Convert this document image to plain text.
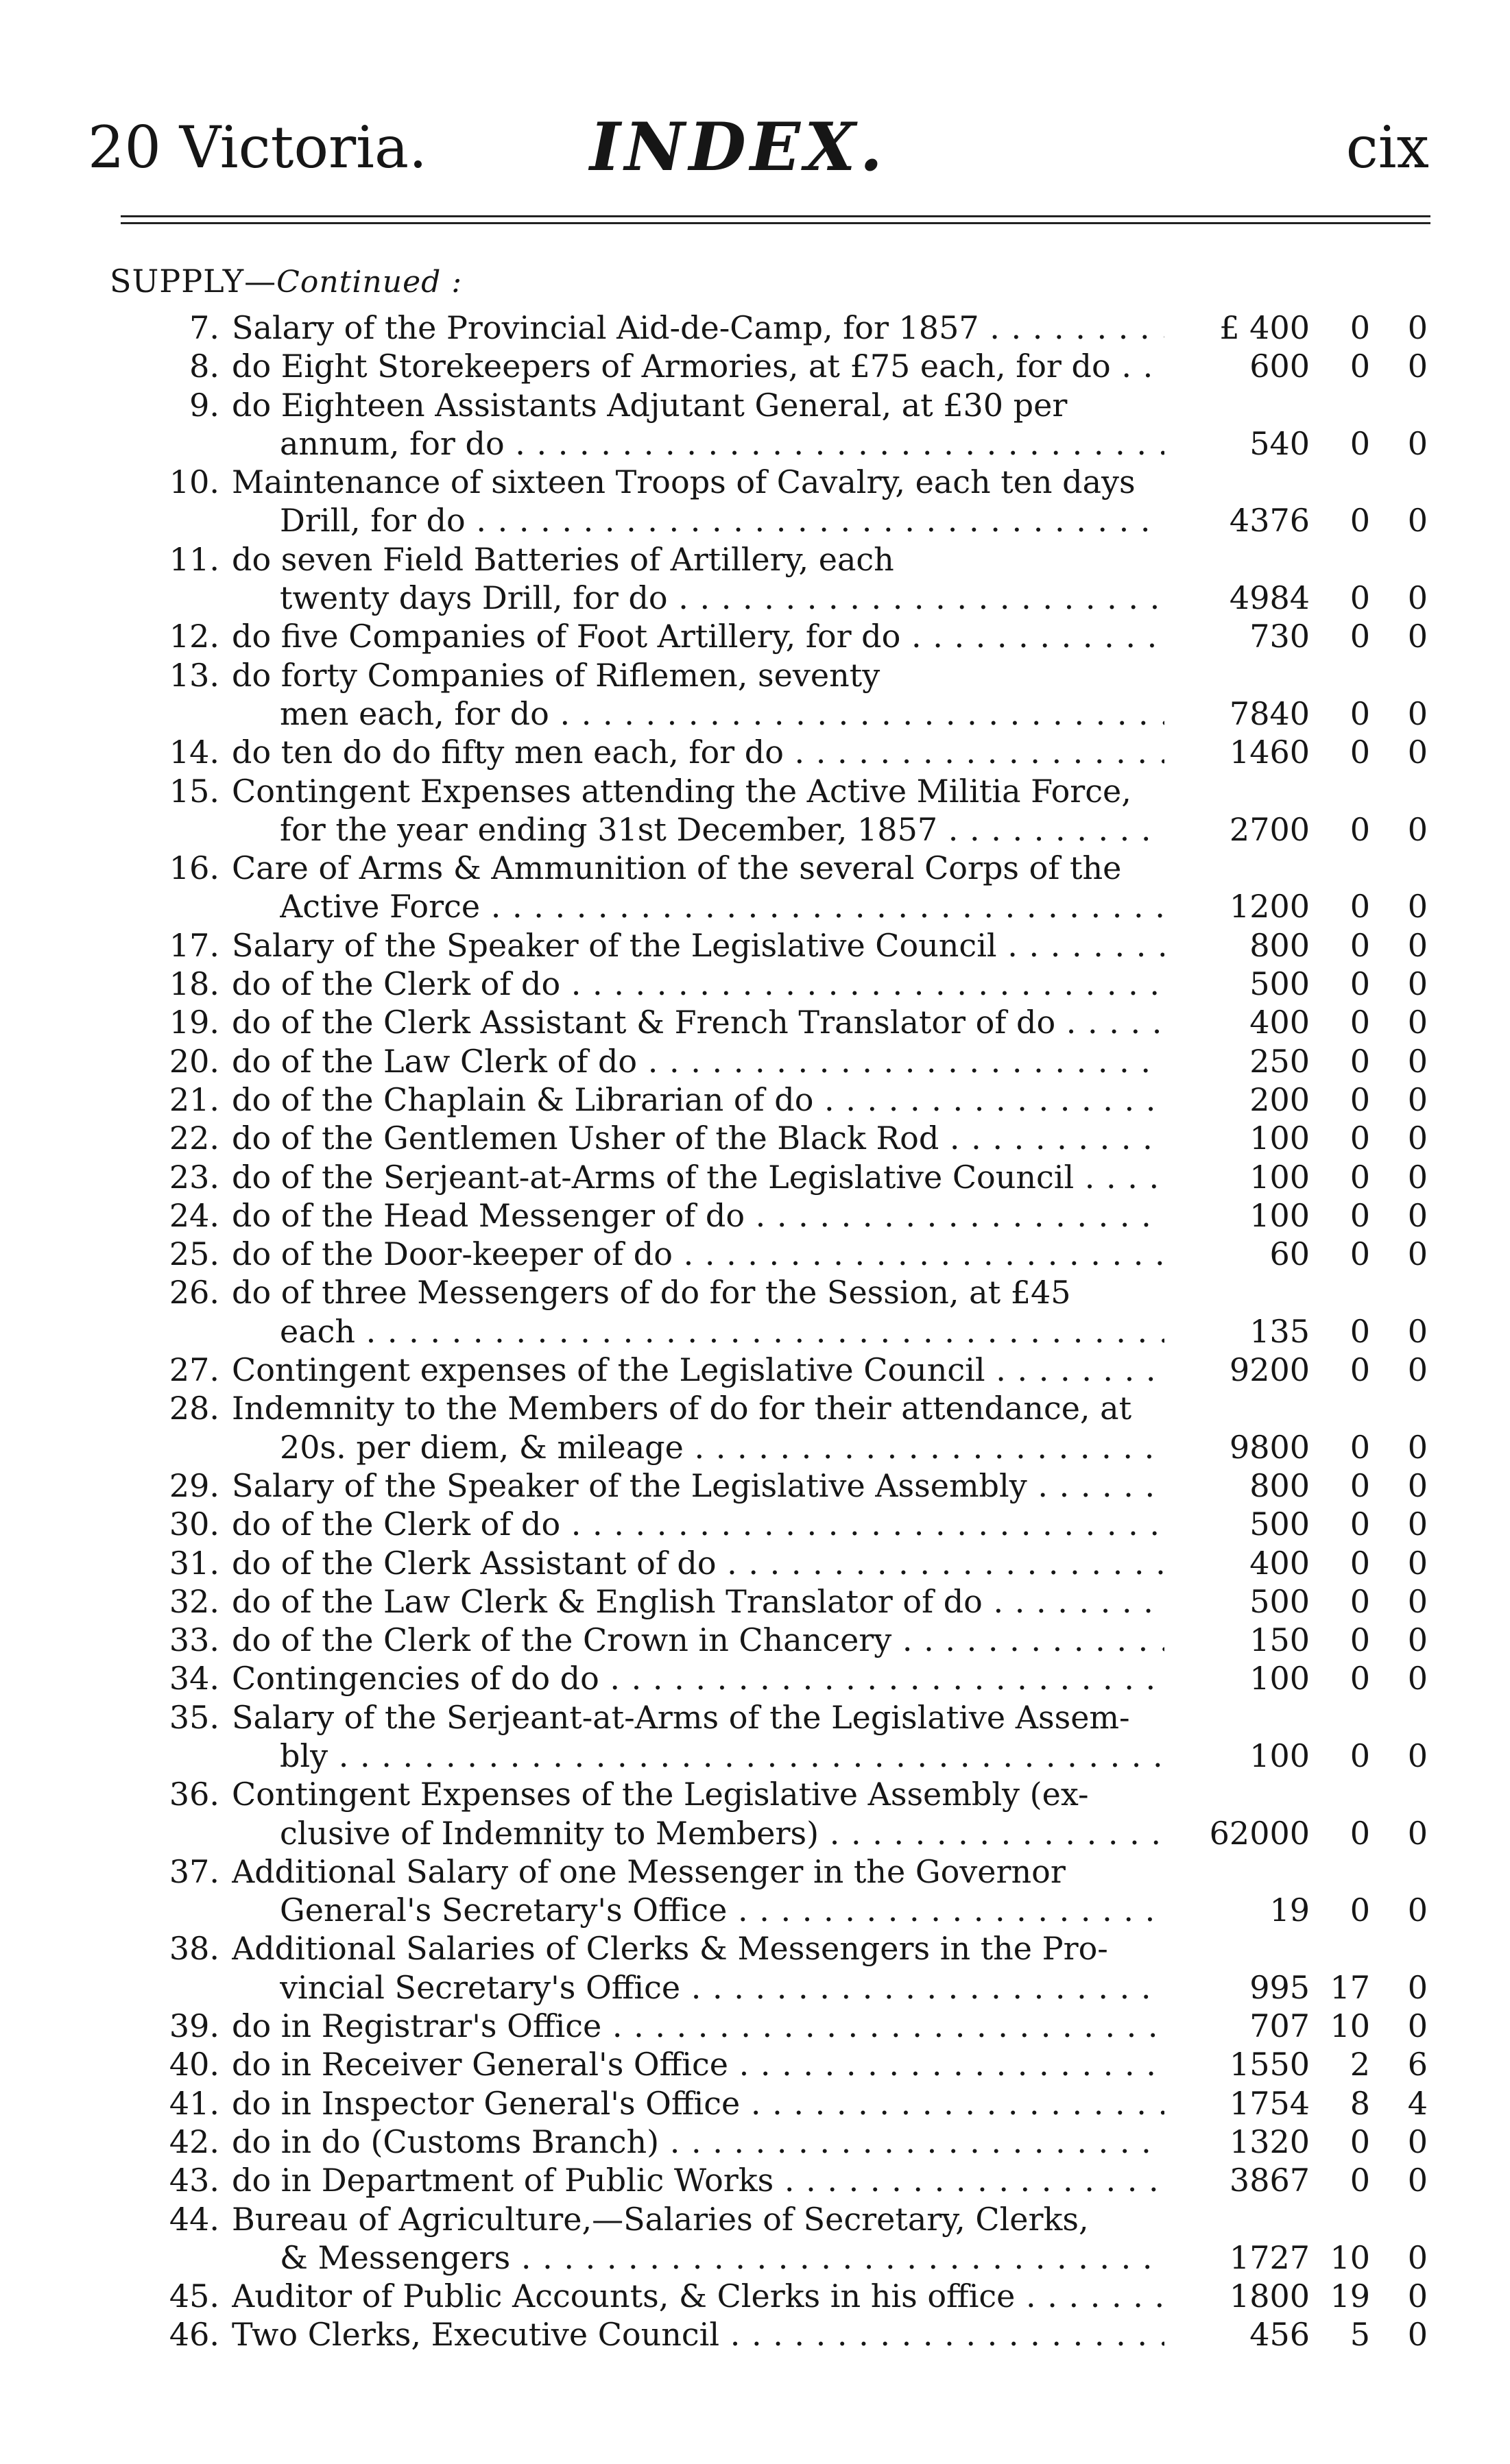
20 Victoria. INDEX.	cix
SUPPLY—Continued :
7. Salary of the Provincial Aid-de-Camp, for 1857 . . .	£ 400	0	0
8. do Eight Storekeepers of Armories, at £75 each, for do . . .	600	0	0
9. do Eighteen Assistants Adjutant General, at £30 per
annum, for do . . .	540	0	0
10. Maintenance of sixteen Troops of Cavalry, each ten days
Drill, for do . . .	4376	0	0
11. do seven Field Batteries of Artillery, each
twenty days Drill, for do . . .	4984	0	0
12. do five Companies of Foot Artillery, for do . . .	730	0	0
13. do forty Companies of Riflemen, seventy
men each, for do . . .	7840	0	0
14. do ten do do fifty men each, for do . . .	1460	0	0
15. Contingent Expenses attending the Active Militia Force,
for the year ending 31st December, 1857 . . .	2700	0	0
16. Care of Arms & Ammunition of the several Corps of the
Active Force . . .	1200	0	0
17. Salary of the Speaker of the Legislative Council . . .	800	0	0
18. do of the Clerk of do . . .	500	0	0
19. do of the Clerk Assistant & French Translator of do . . .	400	0	0
20. do of the Law Clerk of do . . .	250	0	0
21. do of the Chaplain & Librarian of do . . .	200	0	0
22. do of the Gentlemen Usher of the Black Rod . . .	100	0	0
23. do of the Serjeant-at-Arms of the Legislative Council . . .	100	0	0
24. do of the Head Messenger of do . . .	100	0	0
25. do of the Door-keeper of do . . .	60	0	0
26. do of three Messengers of do for the Session, at £45
each . . .	135	0	0
27. Contingent expenses of the Legislative Council . . .	9200	0	0
28. Indemnity to the Members of do for their attendance, at
20s. per diem, & mileage . . .	9800	0	0
29. Salary of the Speaker of the Legislative Assembly . . .	800	0	0
30. do of the Clerk of do . . .	500	0	0
31. do of the Clerk Assistant of do . . .	400	0	0
32. do of the Law Clerk & English Translator of do . . .	500	0	0
33. do of the Clerk of the Crown in Chancery . . .	150	0	0
34. Contingencies of do do . . .	100	0	0
35. Salary of the Serjeant-at-Arms of the Legislative Assem-
bly . . .	100	0	0
36. Contingent Expenses of the Legislative Assembly (ex-
clusive of Indemnity to Members) . . .	62000	0	0
37. Additional Salary of one Messenger in the Governor
General's Secretary's Office . . .	19	0	0
38. Additional Salaries of Clerks & Messengers in the Pro-
vincial Secretary's Office . . .	995 17	0
39. do in Registrar's Office . . .	707 10	0
40. do in Receiver General's Office . . .	1550	2	6
41. do in Inspector General's Office . . .	1754	8	4
42. do in do (Customs Branch) . . .	1320	0	0
43. do in Department of Public Works . . .	3867	0	0
44. Bureau of Agriculture,—Salaries of Secretary, Clerks,
& Messengers . . .	1727 10	0
45. Auditor of Public Accounts, & Clerks in his office . . .	1800 19	0
46. Two Clerks, Executive Council . . .	456	5	0
